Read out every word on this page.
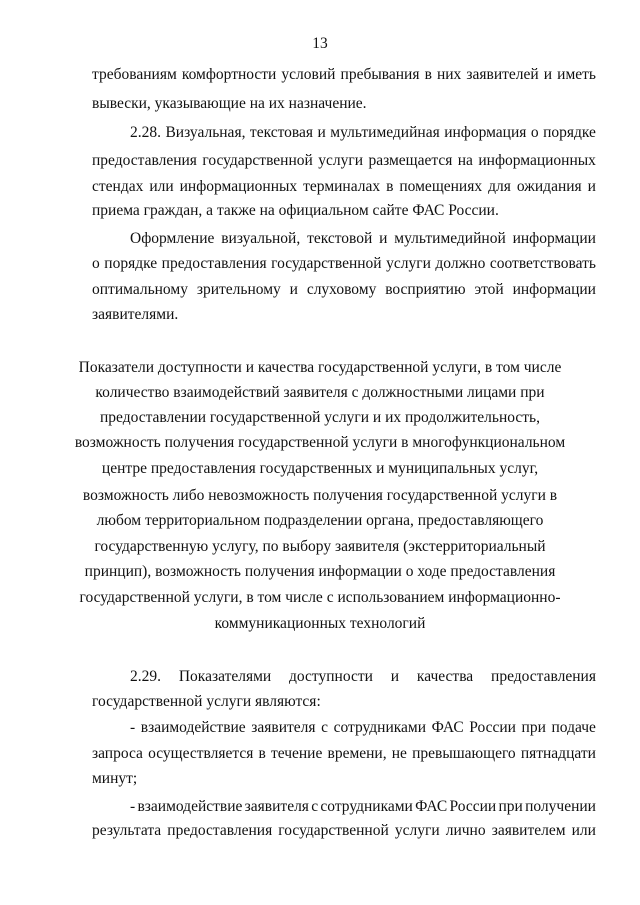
13
требованиям комфортности условий пребывания в них заявителей и иметь
вывески, указывающие на их назначение.
2.28. Визуальная, текстовая и мультимедийная информация о порядке
предоставления государственной услуги размещается на информационных
стендах или информационных терминалах в помещениях для ожидания и
приема граждан, а также на официальном сайте ФАС России.
Оформление визуальной, текстовой и мультимедийной информации
о порядке предоставления государственной услуги должно соответствовать
оптимальному зрительному и слуховому восприятию этой информации
заявителями.
Показатели доступности и качества государственной услуги, в том числе
количество взаимодействий заявителя с должностными лицами при
предоставлении государственной услуги и их продолжительность,
возможность получения государственной услуги в многофункциональном
центре предоставления государственных и муниципальных услуг,
возможность либо невозможность получения государственной услуги в
любом территориальном подразделении органа, предоставляющего
государственную услугу, по выбору заявителя (экстерриториальный
принцип), возможность получения информации о ходе предоставления
государственной услуги, в том числе с использованием информационно-
коммуникационных технологий
2.29. Показателями доступности и качества предоставления
государственной услуги являются:
- взаимодействие заявителя с сотрудниками ФАС России при подаче
запроса осуществляется в течение времени, не превышающего пятнадцати
минут;
- взаимодействие заявителя с сотрудниками ФАС России при получении
результата предоставления государственной услуги лично заявителем или
